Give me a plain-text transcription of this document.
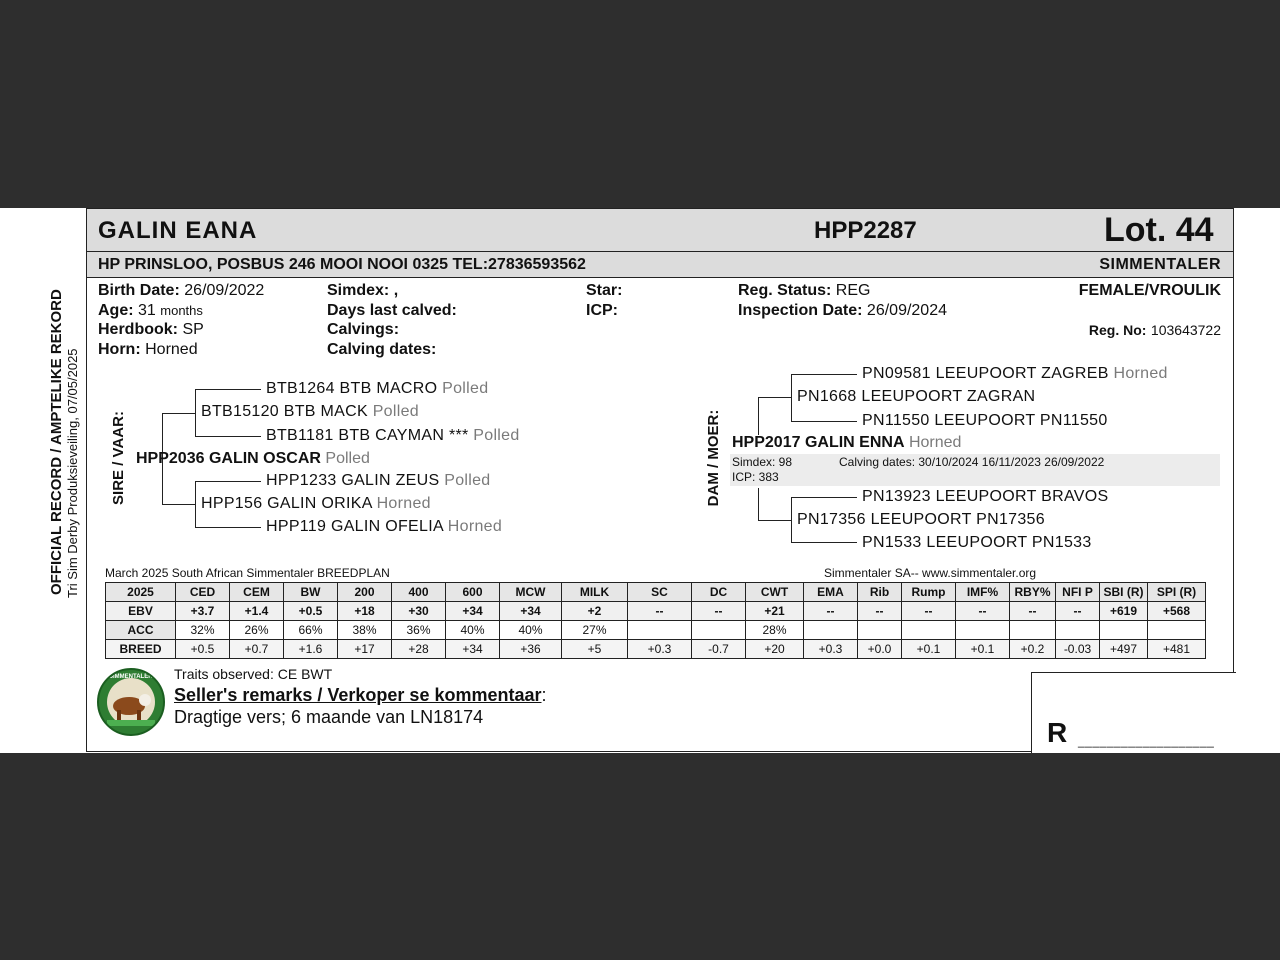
OFFICIAL RECORD / AMPTELIKE REKORD Tri Sim Derby Produksieveiling, 07/05/2025
GALIN EANA	HPP2287	Lot. 44
HP PRINSLOO, POSBUS 246 MOOI NOOI 0325 TEL:27836593562	SIMMENTALER
FEMALE/VROULIK
Birth Date: 26/09/2022
Age: 31 months
Herdbook: SP
Horn: Horned
Simdex: ,
Days last calved:
Calvings:
Calving dates:
Star:
ICP:
Reg. Status: REG
Inspection Date: 26/09/2024
Reg. No: 103643722
SIRE / VAAR:
BTB1264 BTB MACRO Polled
BTB15120 BTB MACK Polled
BTB1181 BTB CAYMAN *** Polled
HPP2036 GALIN OSCAR Polled
HPP1233 GALIN ZEUS Polled
HPP156 GALIN ORIKA Horned
HPP119 GALIN OFELIA Horned
DAM / MOER:
PN09581 LEEUPOORT ZAGREB Horned
PN1668 LEEUPOORT ZAGRAN
PN11550 LEEUPOORT PN11550
HPP2017 GALIN ENNA Horned
Simdex: 98	Calving dates: 30/10/2024 16/11/2023 26/09/2022
ICP: 383
PN13923 LEEUPOORT BRAVOS
PN17356 LEEUPOORT PN17356
PN1533 LEEUPOORT PN1533
March 2025 South African Simmentaler BREEDPLAN	Simmentaler SA-- www.simmentaler.org
2025	CED	CEM	BW	200	400	600	MCW	MILK	SC	DC	CWT	EMA	Rib	Rump	IMF%	RBY%	NFI P	SBI (R)	SPI (R)
EBV	+3.7	+1.4	+0.5	+18	+30	+34	+34	+2	--	--	+21	--	--	--	--	--	--	+619	+568
ACC	32%	26%	66%	38%	36%	40%	40%	27%			28%								
BREED	+0.5	+0.7	+1.6	+17	+28	+34	+36	+5	+0.3	-0.7	+20	+0.3	+0.0	+0.1	+0.1	+0.2	-0.03	+497	+481
SIMMENTALER Traits observed: CE BWT
Seller's remarks / Verkoper se kommentaar:
Dragtige vers; 6 maande van LN18174	R ___________________
